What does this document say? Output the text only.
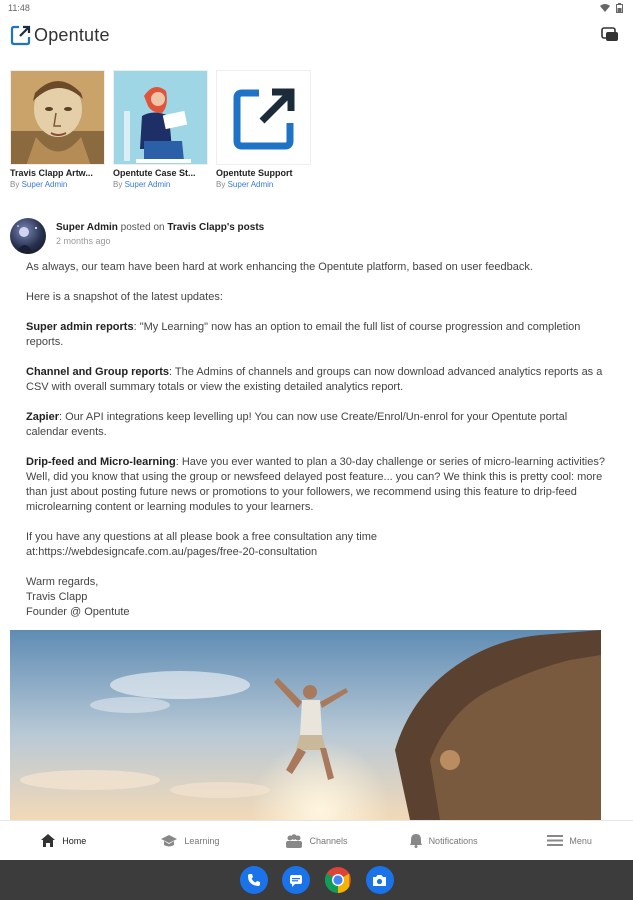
11:48
Opentute
Travis Clapp Artw...
By Super Admin
Opentute Case St...
By Super Admin
Opentute Support
By Super Admin
Super Admin posted on Travis Clapp's posts
2 months ago

As always, our team have been hard at work enhancing the Opentute platform, based on user feedback.

Here is a snapshot of the latest updates:

Super admin reports: "My Learning" now has an option to email the full list of course progression and completion reports.

Channel and Group reports: The Admins of channels and groups can now download advanced analytics reports as a CSV with overall summary totals or view the existing detailed analytics report.

Zapier: Our API integrations keep levelling up! You can now use Create/Enrol/Un-enrol for your Opentute portal calendar events.

Drip-feed and Micro-learning: Have you ever wanted to plan a 30-day challenge or series of micro-learning activities? Well, did you know that using the group or newsfeed delayed post feature... you can? We think this is pretty cool: more than just about posting future news or promotions to your followers, we recommend using this feature to drip-feed microlearning content or learning modules to your learners.

If you have any questions at all please book a free consultation any time
at:https://webdesigncafe.com.au/pages/free-20-consultation

Warm regards,
Travis Clapp
Founder @ Opentute

Home	Learning	Channels	Notifications	Menu
